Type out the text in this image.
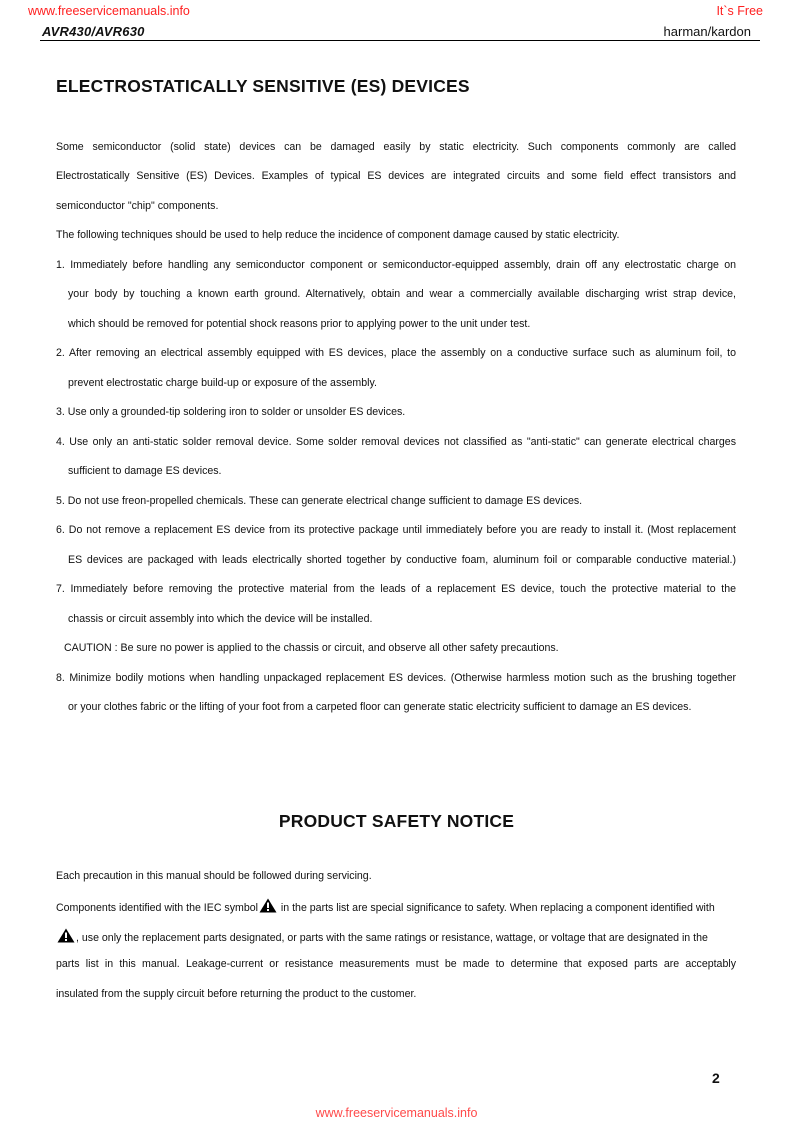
www.freeservicemanuals.info	It`s Free
AVR430/AVR630	harman/kardon
ELECTROSTATICALLY SENSITIVE (ES) DEVICES
Some semiconductor (solid state) devices can be damaged easily by static electricity. Such components commonly are called
Electrostatically Sensitive (ES) Devices. Examples of typical ES devices are integrated circuits and some field effect transistors and
semiconductor "chip" components.
The following techniques should be used to help reduce the incidence of component damage caused by static electricity.
1. Immediately before handling any semiconductor component or semiconductor-equipped assembly, drain off any electrostatic charge on
your body by touching a known earth ground. Alternatively, obtain and wear a commercially available discharging wrist strap device,
which should be removed for potential shock reasons prior to applying power to the unit under test.
2. After removing an electrical assembly equipped with ES devices, place the assembly on a conductive surface such as aluminum foil, to
prevent electrostatic charge build-up or exposure of the assembly.
3. Use only a grounded-tip soldering iron to solder or unsolder ES devices.
4. Use only an anti-static solder removal device. Some solder removal devices not classified as "anti-static" can generate electrical charges
sufficient to damage ES devices.
5. Do not use freon-propelled chemicals. These can generate electrical change sufficient to damage ES devices.
6. Do not remove a replacement ES device from its protective package until immediately before you are ready to install it. (Most replacement
ES devices are packaged with leads electrically shorted together by conductive foam, aluminum foil or comparable conductive material.)
7. Immediately before removing the protective material from the leads of a replacement ES device, touch the protective material to the
chassis or circuit assembly into which the device will be installed.
CAUTION : Be sure no power is applied to the chassis or circuit, and observe all other safety precautions.
8. Minimize bodily motions when handling unpackaged replacement ES devices. (Otherwise harmless motion such as the brushing together
or your clothes fabric or the lifting of your foot from a carpeted floor can generate static electricity sufficient to damage an ES devices.
PRODUCT SAFETY NOTICE
Each precaution in this manual should be followed during servicing.
Components identified with the IEC symbol in the parts list are special significance to safety. When replacing a component identified with
, use only the replacement parts designated, or parts with the same ratings or resistance, wattage, or voltage that are designated in the
parts list in this manual. Leakage-current or resistance measurements must be made to determine that exposed parts are acceptably
insulated from the supply circuit before returning the product to the customer.
2
www.freeservicemanuals.info
